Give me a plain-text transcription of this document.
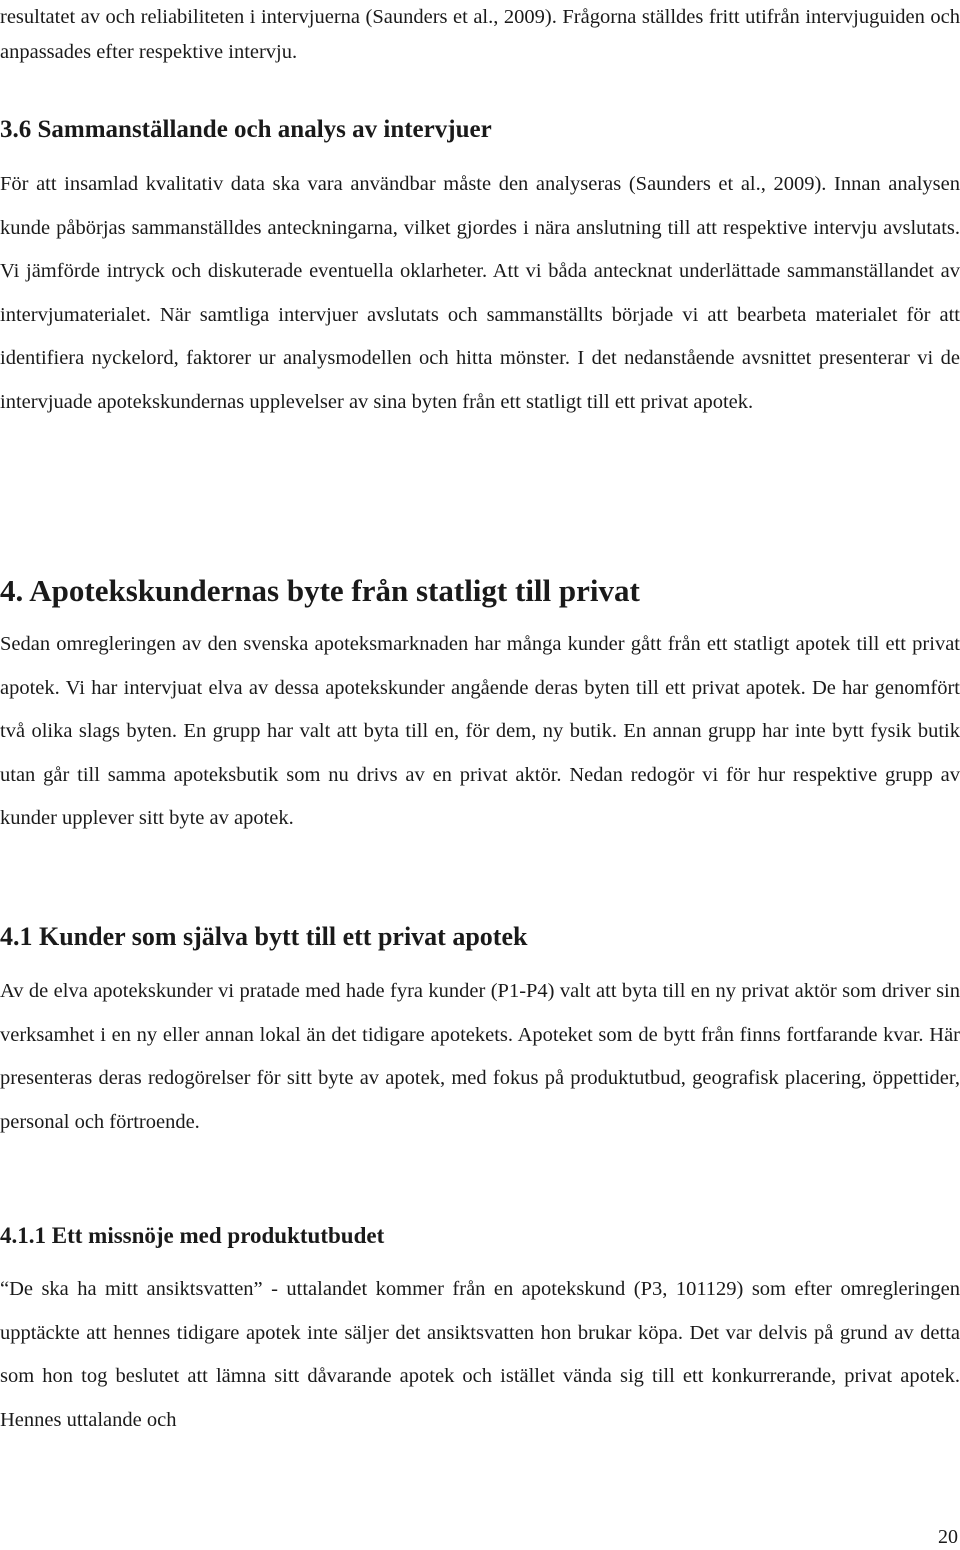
resultatet av och reliabiliteten i intervjuerna (Saunders et al., 2009). Frågorna ställdes fritt utifrån intervjuguiden och anpassades efter respektive intervju.

3.6 Sammanställande och analys av intervjuer

För att insamlad kvalitativ data ska vara användbar måste den analyseras (Saunders et al., 2009). Innan analysen kunde påbörjas sammanställdes anteckningarna, vilket gjordes i nära anslutning till att respektive intervju avslutats. Vi jämförde intryck och diskuterade eventuella oklarheter. Att vi båda antecknat underlättade sammanställandet av intervjumaterialet. När samtliga intervjuer avslutats och sammanställts började vi att bearbeta materialet för att identifiera nyckelord, faktorer ur analysmodellen och hitta mönster. I det nedanstående avsnittet presenterar vi de intervjuade apotekskundernas upplevelser av sina byten från ett statligt till ett privat apotek.

4. Apotekskundernas byte från statligt till privat

Sedan omregleringen av den svenska apoteksmarknaden har många kunder gått från ett statligt apotek till ett privat apotek. Vi har intervjuat elva av dessa apotekskunder angående deras byten till ett privat apotek. De har genomfört två olika slags byten. En grupp har valt att byta till en, för dem, ny butik. En annan grupp har inte bytt fysik butik utan går till samma apoteksbutik som nu drivs av en privat aktör. Nedan redogör vi för hur respektive grupp av kunder upplever sitt byte av apotek.

4.1 Kunder som själva bytt till ett privat apotek

Av de elva apotekskunder vi pratade med hade fyra kunder (P1-P4) valt att byta till en ny privat aktör som driver sin verksamhet i en ny eller annan lokal än det tidigare apotekets. Apoteket som de bytt från finns fortfarande kvar. Här presenteras deras redogörelser för sitt byte av apotek, med fokus på produktutbud, geografisk placering, öppettider, personal och förtroende.

4.1.1 Ett missnöje med produktutbudet

“De ska ha mitt ansiktsvatten” - uttalandet kommer från en apotekskund (P3, 101129) som efter omregleringen upptäckte att hennes tidigare apotek inte säljer det ansiktsvatten hon brukar köpa. Det var delvis på grund av detta som hon tog beslutet att lämna sitt dåvarande apotek och istället vända sig till ett konkurrerande, privat apotek. Hennes uttalande och

20
